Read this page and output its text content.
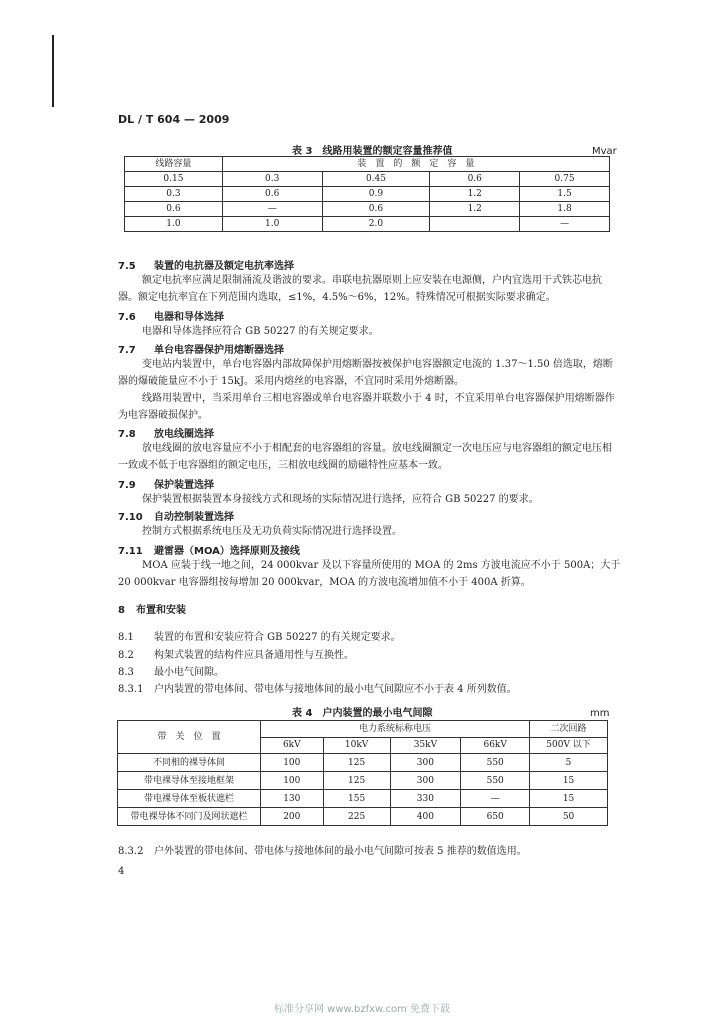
DL / T 604 — 2009
表 3　线路用装置的额定容量推荐值	Mvar
线路容量	装　置　的　额　定　容　量			
0.15	0.3	0.45	0.6	0.75
0.3	0.6	0.9	1.2	1.5
0.6	—	0.6	1.2	1.8
1.0	1.0	2.0		—
7.5 装置的电抗器及额定电抗率选择
额定电抗率应满足限制涌流及谐波的要求。串联电抗器原则上应安装在电源侧，户内宜选用干式铁芯电抗器。额定电抗率宜在下列范围内选取，≤1%，4.5%～6%，12%。特殊情况可根据实际要求确定。
7.6 电器和导体选择
电器和导体选择应符合 GB 50227 的有关规定要求。
7.7 单台电容器保护用熔断器选择
变电站内装置中，单台电容器内部故障保护用熔断器按被保护电容器额定电流的 1.37～1.50 倍选取，熔断器的爆破能量应不小于 15kJ。采用内熔丝的电容器，不宜同时采用外熔断器。
线路用装置中，当采用单台三相电容器或单台电容器并联数小于 4 时，不宜采用单台电容器保护用熔断器作为电容器破损保护。
7.8 放电线圈选择
放电线圈的放电容量应不小于相配套的电容器组的容量。放电线圈额定一次电压应与电容器组的额定电压相一致或不低于电容器组的额定电压，三相放电线圈的励磁特性应基本一致。
7.9 保护装置选择
保护装置根据装置本身接线方式和现场的实际情况进行选择，应符合 GB 50227 的要求。
7.10 自动控制装置选择
控制方式根据系统电压及无功负荷实际情况进行选择设置。
7.11 避雷器（MOA）选择原则及接线
MOA 应装于线一地之间，24 000kvar 及以下容量所使用的 MOA 的 2ms 方波电流应不小于 500A；大于 20 000kvar 电容器组按每增加 20 000kvar，MOA 的方波电流增加值不小于 400A 折算。
8 布置和安装
8.1 装置的布置和安装应符合 GB 50227 的有关规定要求。
8.2 构架式装置的结构件应具备通用性与互换性。
8.3 最小电气间隙。
8.3.1 户内装置的带电体间、带电体与接地体间的最小电气间隙应不小于表 4 所列数值。
表 4　户内装置的最小电气间隙	mm
带　关　位　置	电力系统标称电压				二次回路
	6kV	10kV	35kV	66kV	500V 以下
不同相的裸导体间	100	125	300	550	5
带电裸导体至接地框架	100	125	300	550	15
带电裸导体至板状遮栏	130	155	330	—	15
带电裸导体不同门及网状遮栏	200	225	400	650	50
8.3.2 户外装置的带电体间、带电体与接地体间的最小电气间隙可按表 5 推荐的数值选用。
4
标准分享网 www.bzfxw.com 免费下载
